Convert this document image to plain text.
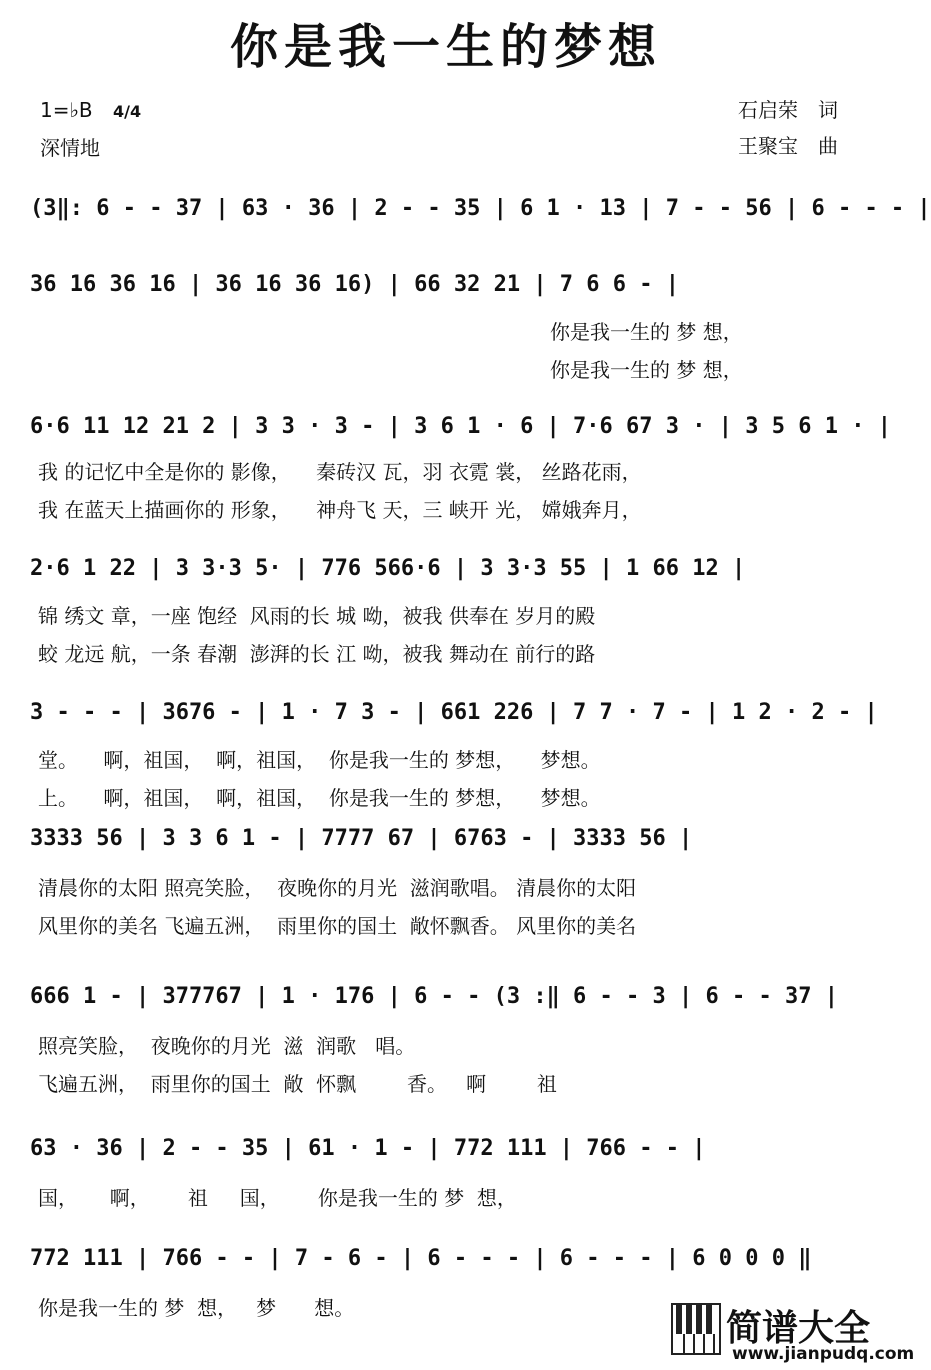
你是我一生的梦想
1=♭B 4/4
深情地
石启荣　词
王聚宝　曲
(3‖: 6 - - 37 | 63 · 36 | 2 - - 35 | 6 1 · 13 | 7 - - 56 | 6 - - - |
36 16 36 16 | 36 16 36 16) | 66 32 21 | 7 6 6 - |
你是我一生的 梦 想，
你是我一生的 梦 想，
6·6 11 12 21 2 | 3 3 · 3 - | 3 6 1 · 6 | 7·6 67 3 · | 3 5 6 1 · |
我 的记忆中全是你的 影像，    秦砖汉 瓦，羽 衣霓 裳， 丝路花雨，
我 在蓝天上描画你的 形象，    神舟飞 天，三 峡开 光， 嫦娥奔月，
2·6 1 22 | 3 3·3 5· | 776 566·6 | 3 3·3 55 | 1 66 12 |
锦 绣文 章，一座 饱经  风雨的长 城 呦，被我 供奉在 岁月的殿
蛟 龙远 航，一条 春潮  澎湃的长 江 呦，被我 舞动在 前行的路
3 - - - | 3676 - | 1 · 7 3 - | 661 226 | 7 7 · 7 - | 1 2 · 2 - |
堂。    啊，祖国，  啊，祖国，  你是我一生的 梦想，    梦想。
上。    啊，祖国，  啊，祖国，  你是我一生的 梦想，    梦想。
3333 56 | 3 3 6 1 - | 7777 67 | 6763 - | 3333 56 |
清晨你的太阳 照亮笑脸，  夜晚你的月光  滋润歌唱。 清晨你的太阳
风里你的美名 飞遍五洲，  雨里你的国土  敞怀飘香。 风里你的美名
666 1 - | 377767 | 1 · 176 | 6 - - (3 :‖ 6 - - 3 | 6 - - 37 |
照亮笑脸，  夜晚你的月光  滋  润歌   唱。
飞遍五洲，  雨里你的国土  敞  怀飘        香。   啊        祖
63 · 36 | 2 - - 35 | 61 · 1 - | 772 111 | 766 - - |
国，     啊，      祖     国，      你是我一生的 梦  想，
772 111 | 766 - - | 7 - 6 - | 6 - - - | 6 - - - | 6 0 0 0 ‖
你是我一生的 梦  想，   梦      想。	简谱大全
www.jianpudq.com
